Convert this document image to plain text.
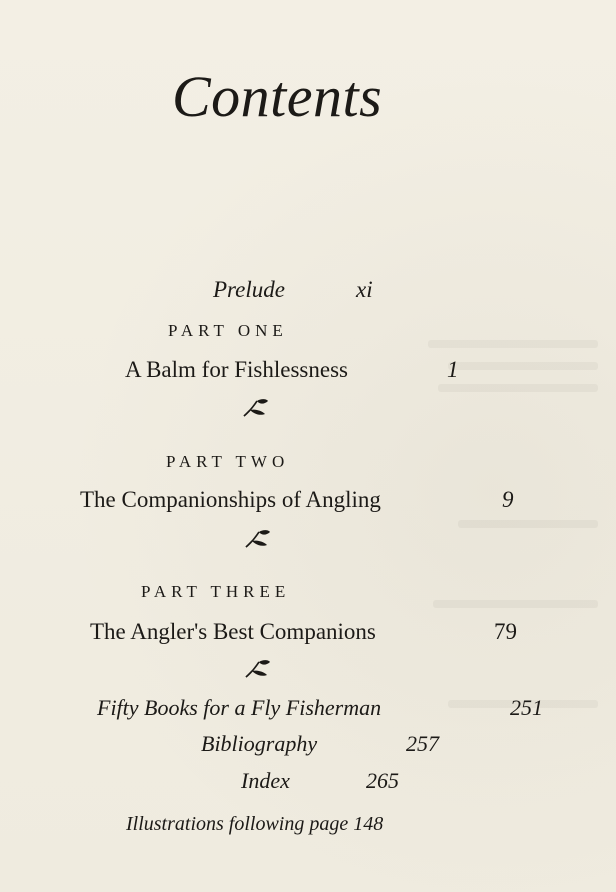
Contents
Prelude	xi
PART ONE
A Balm for Fishlessness	1
PART TWO
The Companionships of Angling	9
PART THREE
The Angler's Best Companions	79
Fifty Books for a Fly Fisherman	251
Bibliography	257
Index	265
Illustrations following page 148
